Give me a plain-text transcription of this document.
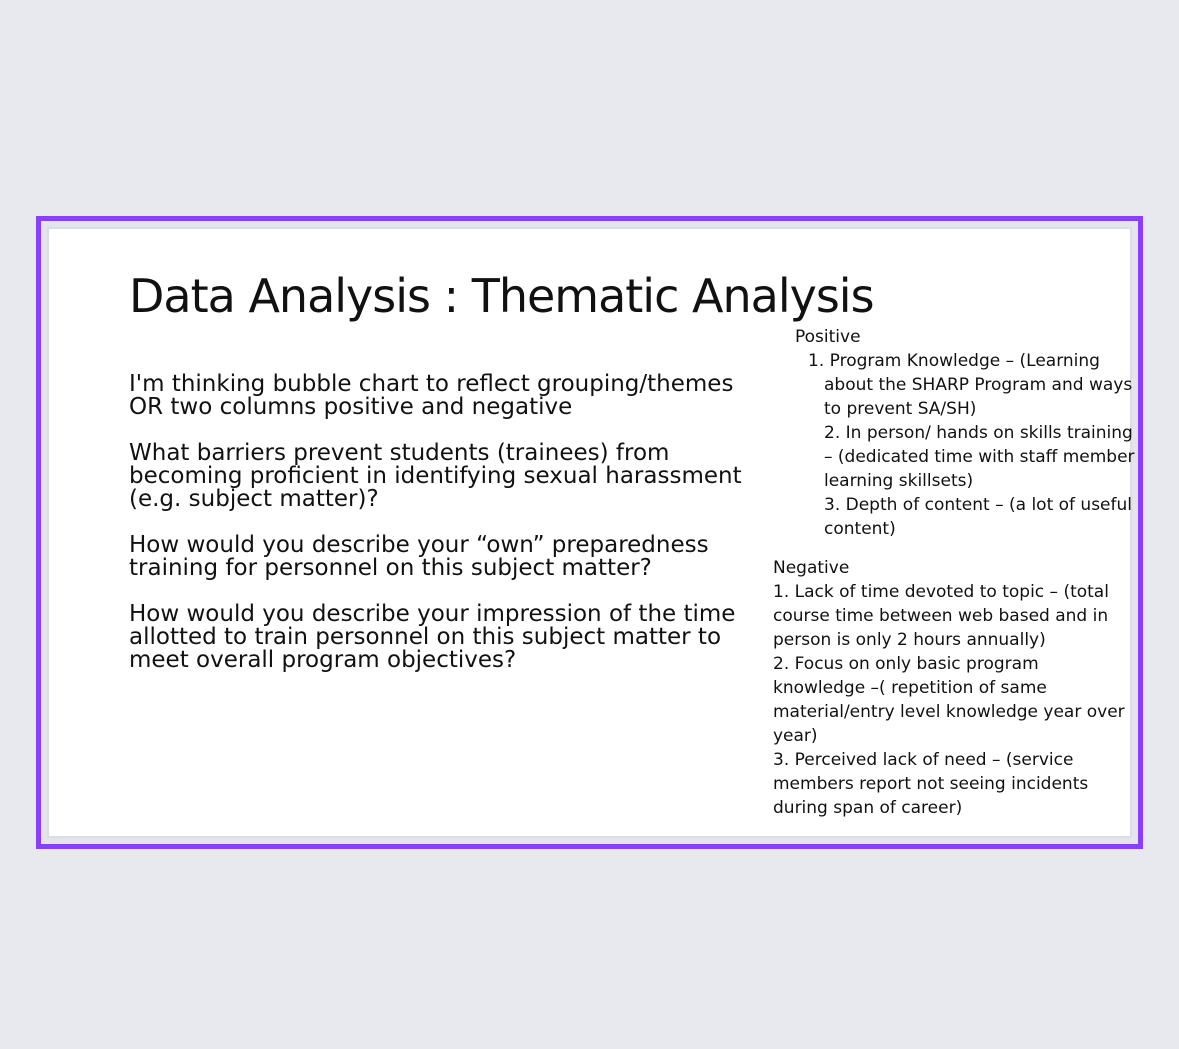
Data Analysis : Thematic Analysis

I'm thinking bubble chart to reflect grouping/themes OR two columns positive and negative

What barriers prevent students (trainees) from becoming proficient in identifying sexual harassment (e.g. subject matter)?

How would you describe your “own” preparedness training for personnel on this subject matter?

How would you describe your impression of the time allotted to train personnel on this subject matter to meet overall program objectives?

Positive

1. Program Knowledge – (Learning about the SHARP Program and ways to prevent SA/SH)

2. In person/ hands on skills training – (dedicated time with staff member learning skillsets)

3. Depth of content – (a lot of useful content)

Negative

1. Lack of time devoted to topic – (total course time between web based and in person is only 2 hours annually)

2. Focus on only basic program knowledge –( repetition of same material/entry level knowledge year over year)

3. Perceived lack of need – (service members report not seeing incidents during span of career)
